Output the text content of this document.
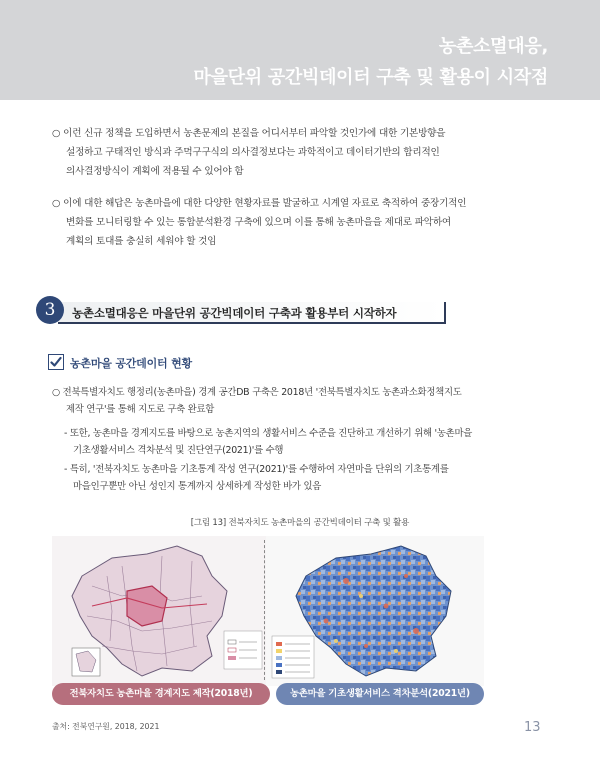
농촌소멸대응,
마을단위 공간빅데이터 구축 및 활용이 시작점
○ 이런 신규 정책을 도입하면서 농촌문제의 본질을 어디서부터 파악할 것인가에 대한 기본방향을
설정하고 구태적인 방식과 주먹구구식의 의사결정보다는 과학적이고 데이터기반의 합리적인
의사결정방식이 계획에 적용될 수 있어야 함
○ 이에 대한 해답은 농촌마을에 대한 다양한 현황자료를 발굴하고 시계열 자료로 축적하여 중장기적인
변화를 모니터링할 수 있는 통합분석환경 구축에 있으며 이를 통해 농촌마을을 제대로 파악하여
계획의 토대를 충실히 세워야 할 것임
3	농촌소멸대응은 마을단위 공간빅데이터 구축과 활용부터 시작하자
농촌마을 공간데이터 현황
○ 전북특별자치도 행정리(농촌마을) 경계 공간DB 구축은 2018년 '전북특별자치도 농촌과소화정책지도
제작 연구'를 통해 지도로 구축 완료함
- 또한, 농촌마을 경계지도를 바탕으로 농촌지역의 생활서비스 수준을 진단하고 개선하기 위해 '농촌마을
기초생활서비스 격차분석 및 진단연구(2021)'를 수행
- 특히, '전북자치도 농촌마을 기초통계 작성 연구(2021)'를 수행하여 자연마을 단위의 기초통계를
마을인구뿐만 아닌 성인지 통계까지 상세하게 작성한 바가 있음
[그림 13] 전북자치도 농촌마을의 공간빅데이터 구축 및 활용
전북자치도 농촌마을 경계지도 제작(2018년)	농촌마을 기초생활서비스 격차분석(2021년)
출처: 전북연구원, 2018, 2021	13
